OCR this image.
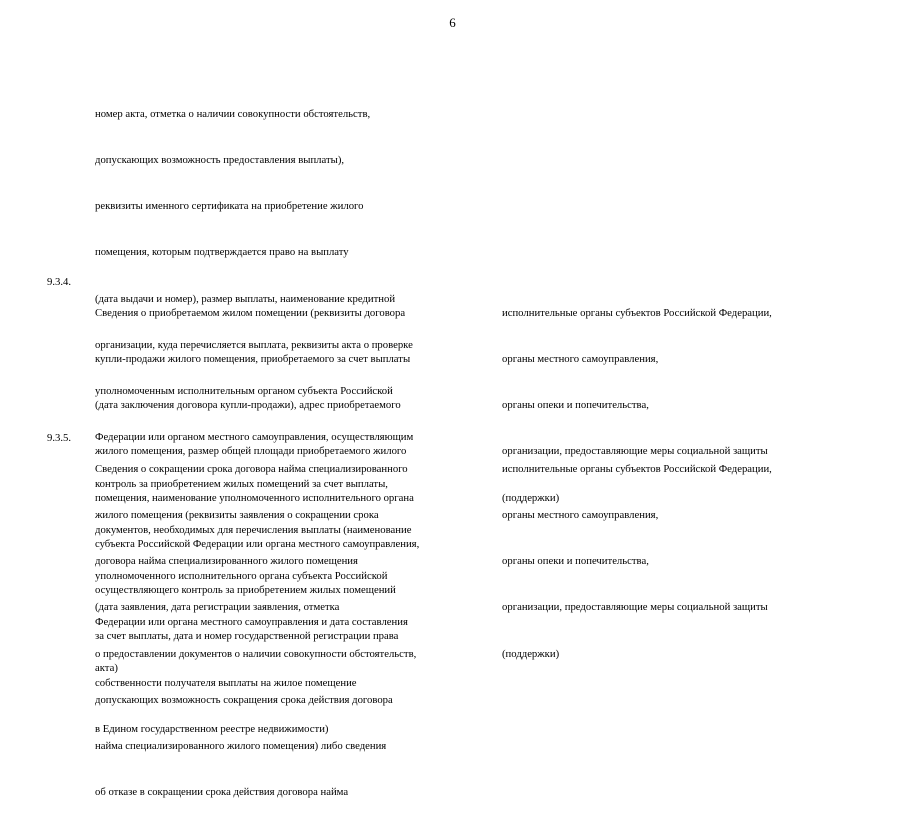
6

номер акта, отметка о наличии совокупности обстоятельств,

допускающих возможность предоставления выплаты),

реквизиты именного сертификата на приобретение жилого

помещения, которым подтверждается право на выплату

(дата выдачи и номер), размер выплаты, наименование кредитной

организации, куда перечисляется выплата, реквизиты акта о проверке

уполномоченным исполнительным органом субъекта Российской

Федерации или органом местного самоуправления, осуществляющим

контроль за приобретением жилых помещений за счет выплаты,

документов, необходимых для перечисления выплаты (наименование

уполномоченного исполнительного органа субъекта Российской

Федерации или органа местного самоуправления и дата составления

акта)

9.3.4.

Сведения о приобретаемом жилом помещении (реквизиты договора

купли-продажи жилого помещения, приобретаемого за счет выплаты

(дата заключения договора купли-продажи), адрес приобретаемого

жилого помещения, размер общей площади приобретаемого жилого

помещения, наименование уполномоченного исполнительного органа

субъекта Российской Федерации или органа местного самоуправления,

осуществляющего контроль за приобретением жилых помещений

за счет выплаты, дата и номер государственной регистрации права

собственности получателя выплаты на жилое помещение

в Едином государственном реестре недвижимости)

исполнительные органы субъектов Российской Федерации,

органы местного самоуправления,

органы опеки и попечительства,

организации, предоставляющие меры социальной защиты

(поддержки)

9.3.5.

Сведения о сокращении срока договора найма специализированного

жилого помещения (реквизиты заявления о сокращении срока

договора найма специализированного жилого помещения

(дата заявления, дата регистрации заявления, отметка

о предоставлении документов о наличии совокупности обстоятельств,

допускающих возможность сокращения срока действия договора

найма специализированного жилого помещения) либо сведения

об отказе в сокращении срока действия договора найма

исполнительные органы субъектов Российской Федерации,

органы местного самоуправления,

органы опеки и попечительства,

организации, предоставляющие меры социальной защиты

(поддержки)
